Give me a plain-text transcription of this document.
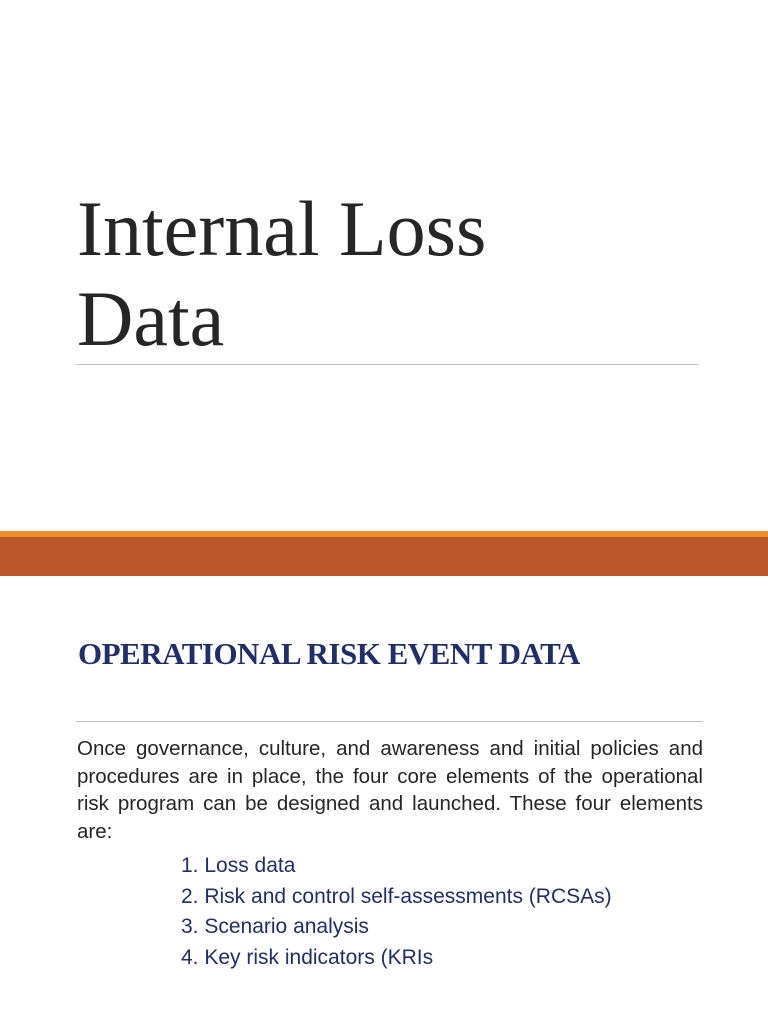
Internal Loss
Data
OPERATIONAL RISK EVENT DATA

Once governance, culture, and awareness and initial policies and procedures are in place, the four core elements of the operational risk program can be designed and launched. These four elements are:

1. Loss data
2. Risk and control self-assessments (RCSAs)
3. Scenario analysis
4. Key risk indicators (KRIs
